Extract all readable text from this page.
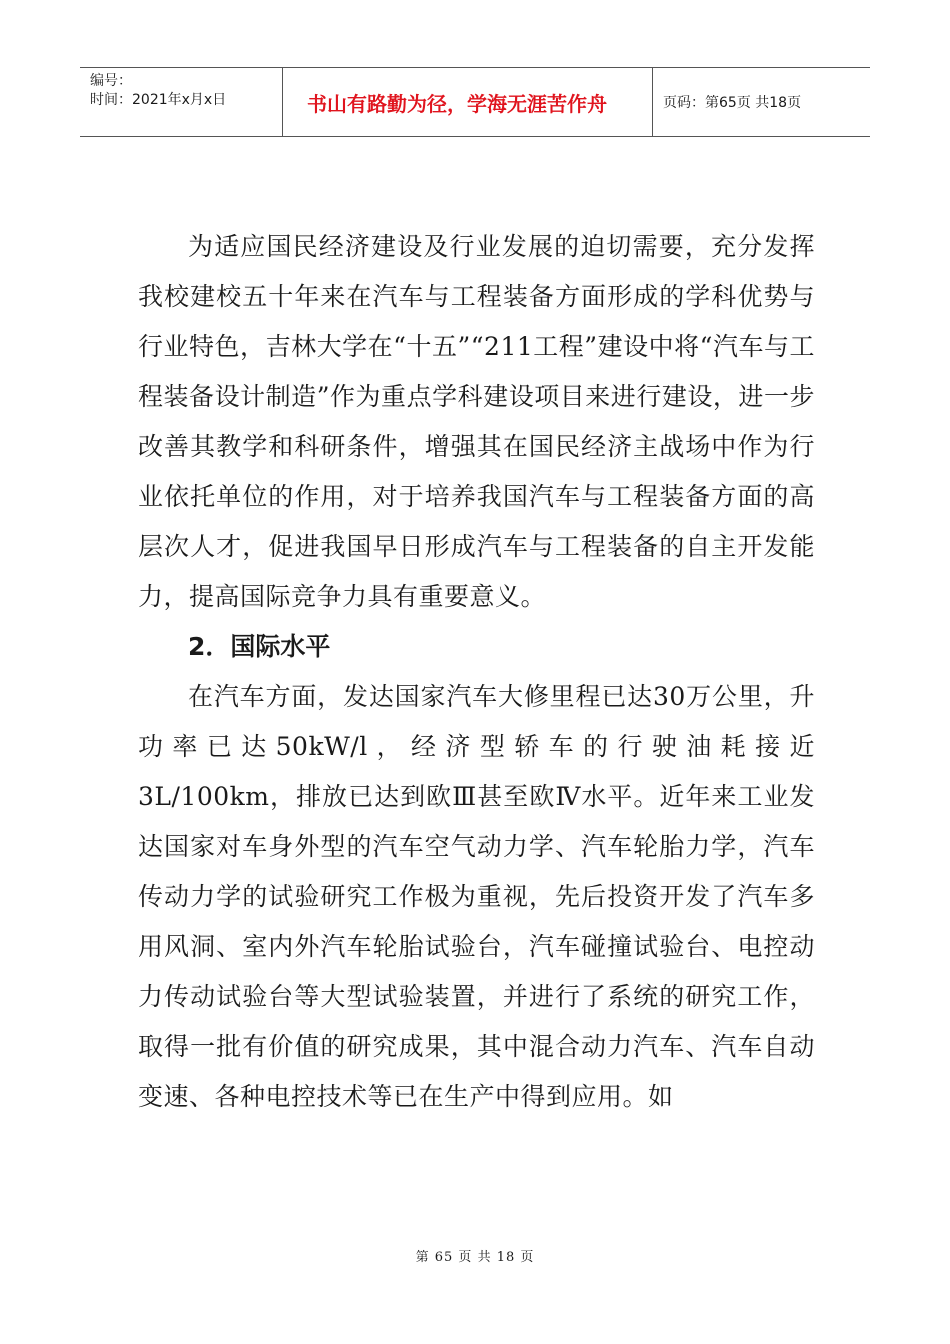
编号：
时间：2021年x月x日	书山有路勤为径，学海无涯苦作舟	页码：第65页 共18页

为适应国民经济建设及行业发展的迫切需要，充分发挥我校建校五十年来在汽车与工程装备方面形成的学科优势与行业特色，吉林大学在“十五”“211工程”建设中将“汽车与工程装备设计制造”作为重点学科建设项目来进行建设，进一步改善其教学和科研条件，增强其在国民经济主战场中作为行业依托单位的作用，对于培养我国汽车与工程装备方面的高层次人才，促进我国早日形成汽车与工程装备的自主开发能力，提高国际竞争力具有重要意义。

2．国际水平

在汽车方面，发达国家汽车大修里程已达30万公里，升功率已达50kW/l，经济型轿车的行驶油耗接近3L/100km，排放已达到欧Ⅲ甚至欧Ⅳ水平。近年来工业发达国家对车身外型的汽车空气动力学、汽车轮胎力学，汽车传动力学的试验研究工作极为重视，先后投资开发了汽车多用风洞、室内外汽车轮胎试验台，汽车碰撞试验台、电控动力传动试验台等大型试验装置，并进行了系统的研究工作，取得一批有价值的研究成果，其中混合动力汽车、汽车自动变速、各种电控技术等已在生产中得到应用。如

第 65 页 共 18 页
